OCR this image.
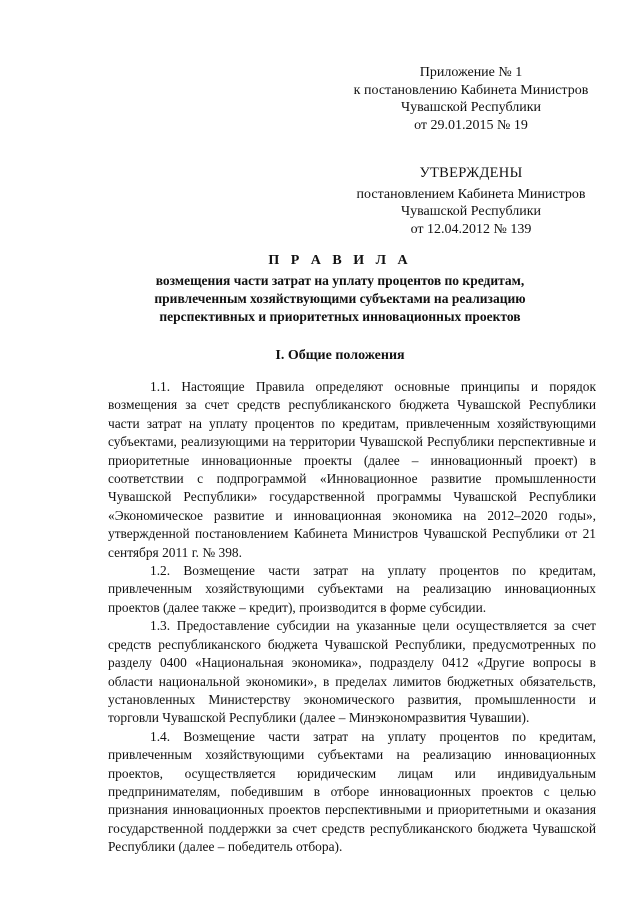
Приложение № 1
к постановлению Кабинета Министров
Чувашской Республики
от 29.01.2015 № 19
УТВЕРЖДЕНЫ
постановлением Кабинета Министров
Чувашской Республики
от 12.04.2012 № 139
П Р А В И Л А
возмещения части затрат на уплату процентов по кредитам,
привлеченным хозяйствующими субъектами на реализацию
перспективных и приоритетных инновационных проектов
I. Общие положения

1.1. Настоящие Правила определяют основные принципы и порядок возмещения за счет средств республиканского бюджета Чувашской Республики части затрат на уплату процентов по кредитам, привлеченным хозяйствующими субъектами, реализующими на территории Чувашской Республики перспективные и приоритетные инновационные проекты (далее – инновационный проект) в соответствии с подпрограммой «Инновационное развитие промышленности Чувашской Республики» государственной программы Чувашской Республики «Экономическое развитие и инновационная экономика на 2012–2020 годы», утвержденной постановлением Кабинета Министров Чувашской Республики от 21 сентября 2011 г. № 398.

1.2. Возмещение части затрат на уплату процентов по кредитам, привлеченным хозяйствующими субъектами на реализацию инновационных проектов (далее также – кредит), производится в форме субсидии.

1.3. Предоставление субсидии на указанные цели осуществляется за счет средств республиканского бюджета Чувашской Республики, предусмотренных по разделу 0400 «Национальная экономика», подразделу 0412 «Другие вопросы в области национальной экономики», в пределах лимитов бюджетных обязательств, установленных Министерству экономического развития, промышленности и торговли Чувашской Республики (далее – Минэкономразвития Чувашии).

1.4. Возмещение части затрат на уплату процентов по кредитам, привлеченным хозяйствующими субъектами на реализацию инновационных проектов, осуществляется юридическим лицам или индивидуальным предпринимателям, победившим в отборе инновационных проектов с целью признания инновационных проектов перспективными и приоритетными и оказания государственной поддержки за счет средств республиканского бюджета Чувашской Республики (далее – победитель отбора).
